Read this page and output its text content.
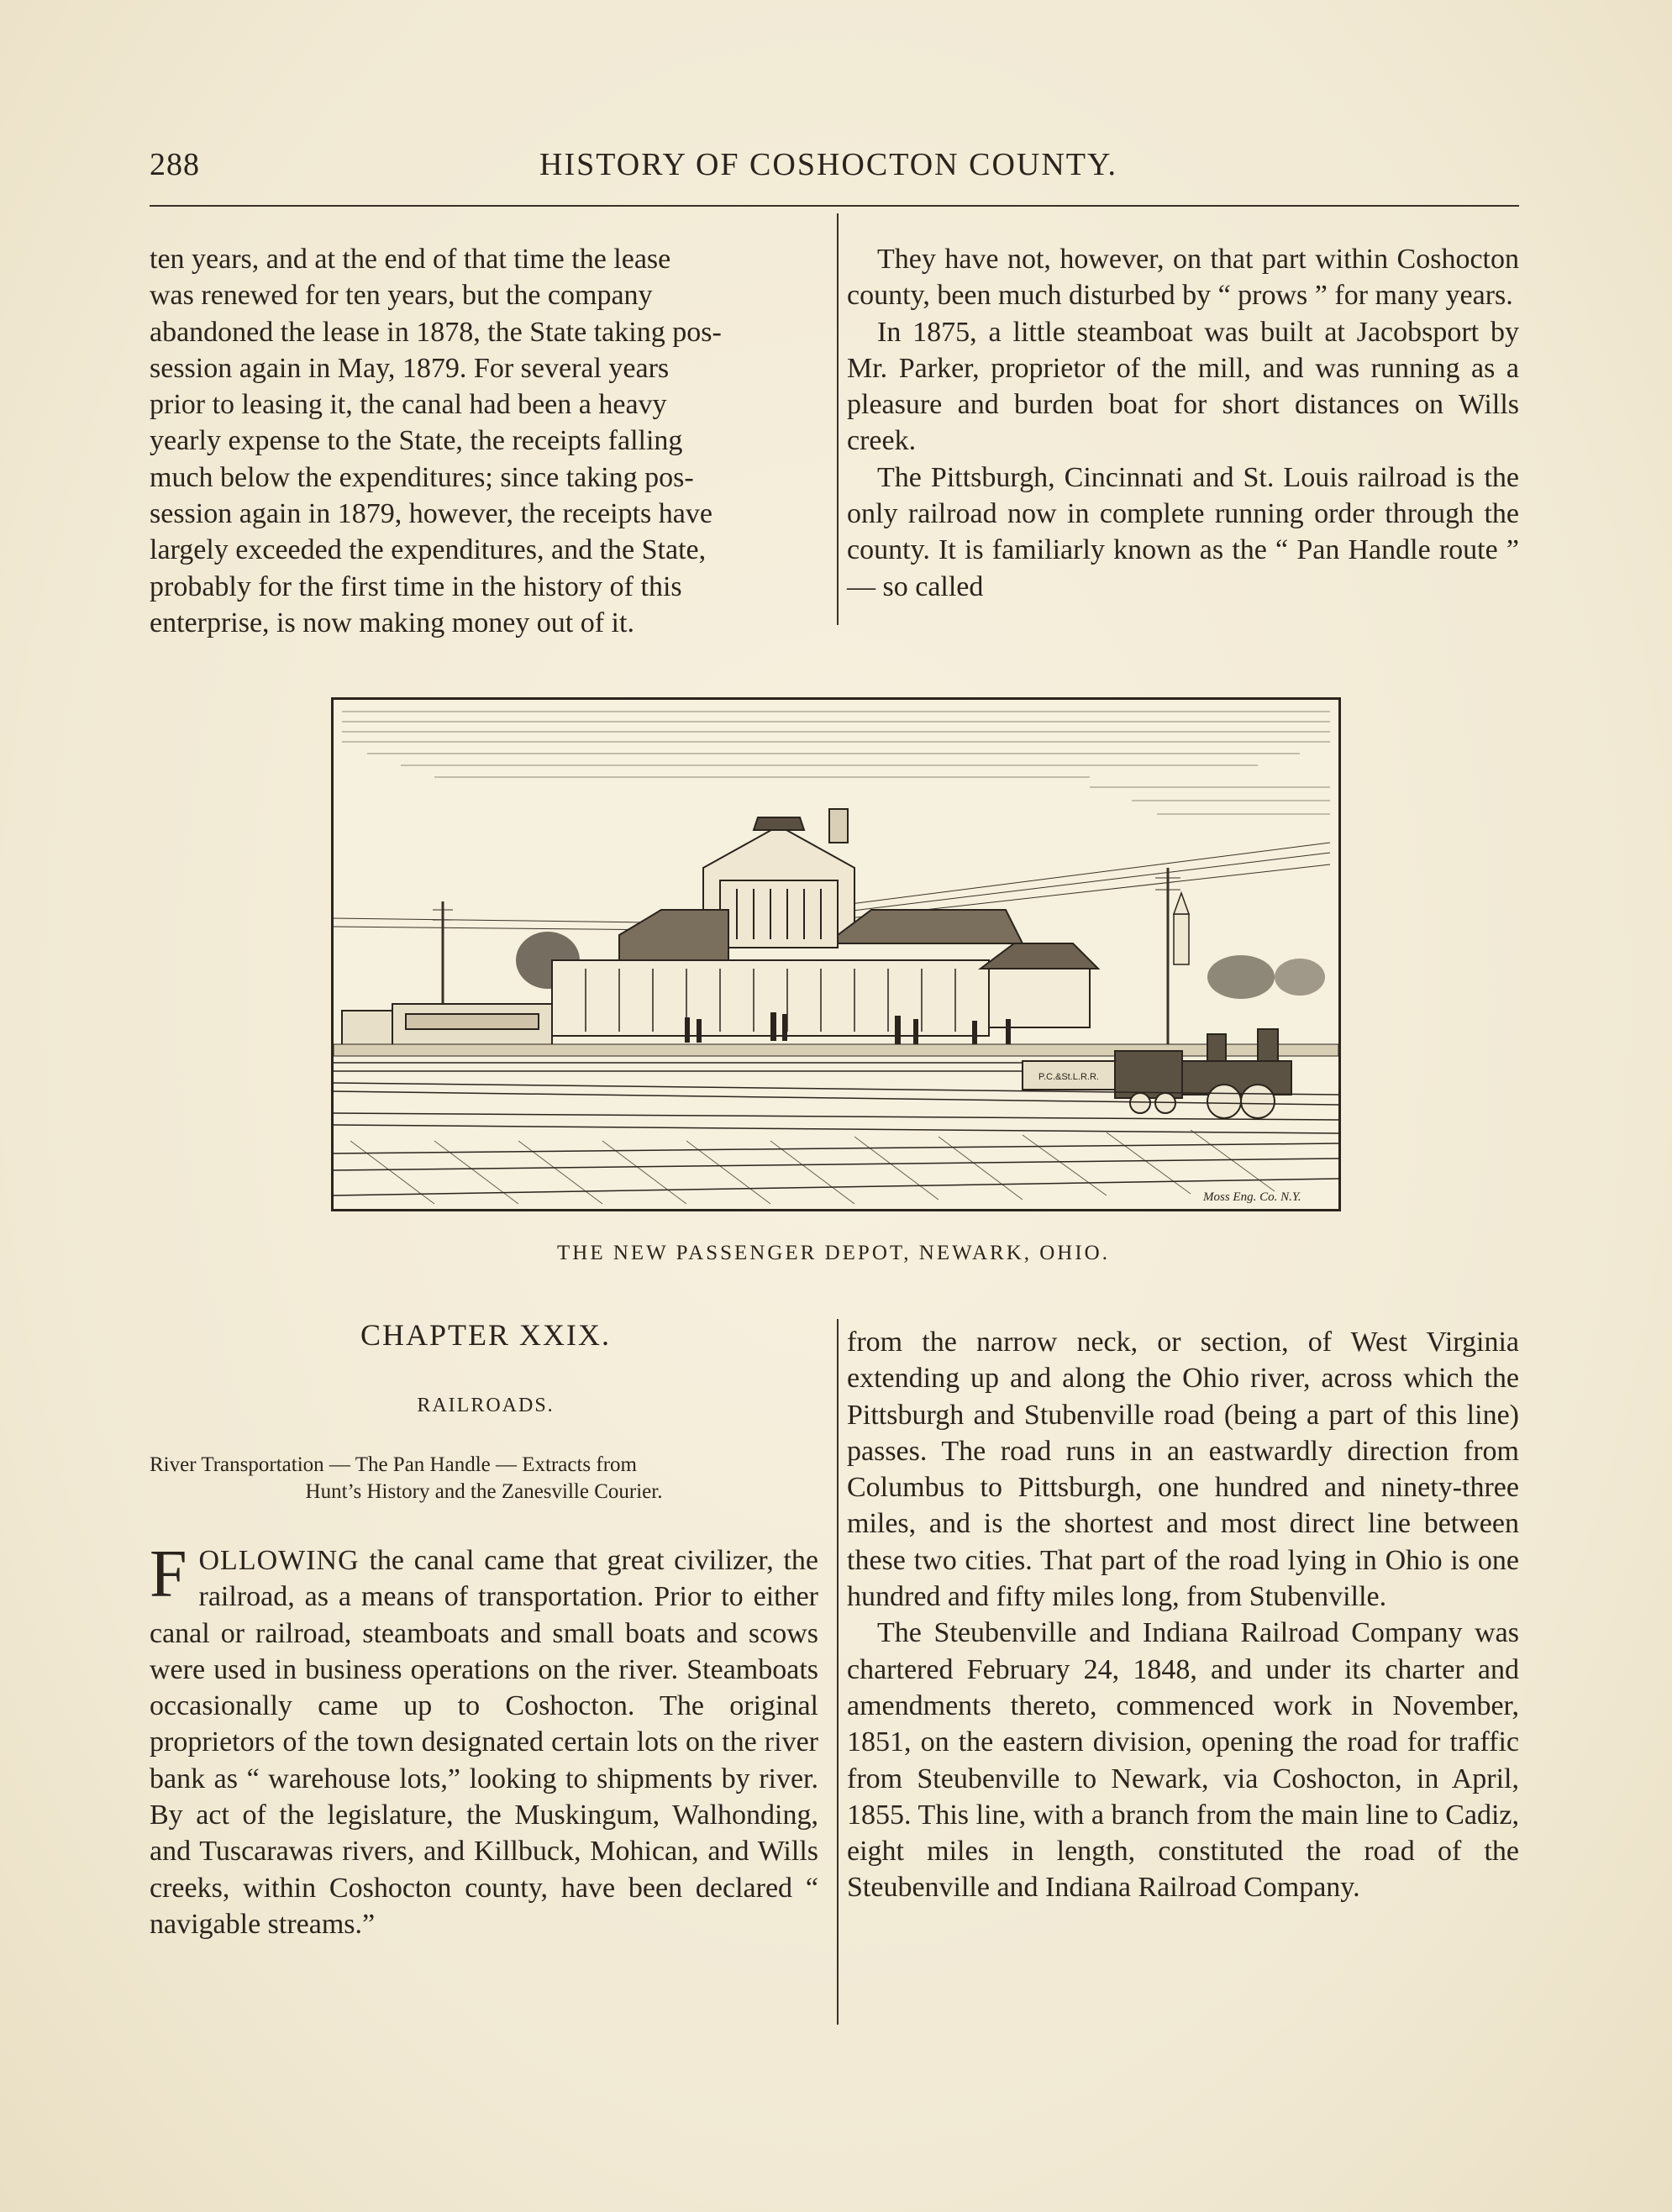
288	HISTORY OF COSHOCTON COUNTY.

ten years, and at the end of that time the lease

was renewed for ten years, but the company

abandoned the lease in 1878, the State taking pos-

session again in May, 1879. For several years

prior to leasing it, the canal had been a heavy

yearly expense to the State, the receipts falling

much below the expenditures; since taking pos-

session again in 1879, however, the receipts have

largely exceeded the expenditures, and the State,

probably for the first time in the history of this

enterprise, is now making money out of it.

They have not, however, on that part within Coshocton county, been much disturbed by “ prows ” for many years.

In 1875, a little steamboat was built at Jacobsport by Mr. Parker, proprietor of the mill, and was running as a pleasure and burden boat for short distances on Wills creek.

The Pittsburgh, Cincinnati and St. Louis railroad is the only railroad now in complete running order through the county. It is familiarly known as the “ Pan Handle route ” — so called

P.C.&St.L.R.R.
Moss Eng. Co. N.Y.
THE NEW PASSENGER DEPOT, NEWARK, OHIO.
CHAPTER XXIX.
RAILROADS.

River Transportation — The Pan Handle — Extracts from

Hunt’s History and the Zanesville Courier.

FOLLOWING the canal came that great civilizer, the railroad, as a means of transportation. Prior to either canal or railroad, steamboats and small boats and scows were used in business operations on the river. Steamboats occasionally came up to Coshocton. The original proprietors of the town designated certain lots on the river bank as “ warehouse lots,” looking to shipments by river. By act of the legislature, the Muskingum, Walhonding, and Tuscarawas rivers, and Killbuck, Mohican, and Wills creeks, within Coshocton county, have been declared “ navigable streams.”

from the narrow neck, or section, of West Virginia extending up and along the Ohio river, across which the Pittsburgh and Stubenville road (being a part of this line) passes. The road runs in an eastwardly direction from Columbus to Pittsburgh, one hundred and ninety-three miles, and is the shortest and most direct line between these two cities. That part of the road lying in Ohio is one hundred and fifty miles long, from Stubenville.

The Steubenville and Indiana Railroad Company was chartered February 24, 1848, and under its charter and amendments thereto, commenced work in November, 1851, on the eastern division, opening the road for traffic from Steubenville to Newark, via Coshocton, in April, 1855. This line, with a branch from the main line to Cadiz, eight miles in length, constituted the road of the Steubenville and Indiana Railroad Company.
